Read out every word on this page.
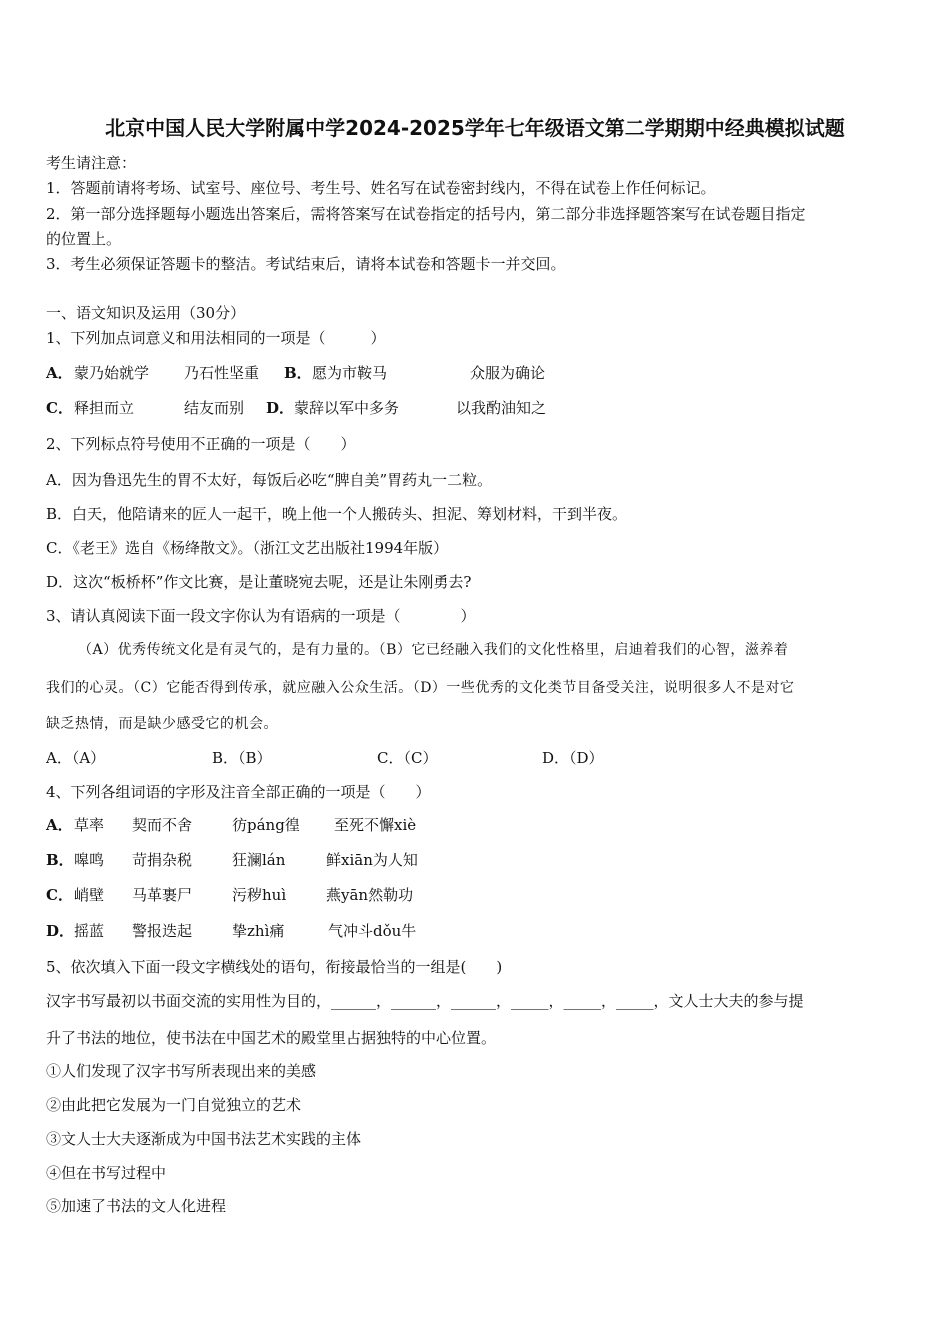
北京中国人民大学附属中学2024-2025学年七年级语文第二学期期中经典模拟试题
考生请注意：
1．答题前请将考场、试室号、座位号、考生号、姓名写在试卷密封线内，不得在试卷上作任何标记。
2．第一部分选择题每小题选出答案后，需将答案写在试卷指定的括号内，第二部分非选择题答案写在试卷题目指定
的位置上。
3．考生必须保证答题卡的整洁。考试结束后，请将本试卷和答题卡一并交回。
一、语文知识及运用（30分）
1、下列加点词意义和用法相同的一项是（　　　）
A． 蒙乃始就学 乃石性坚重 B． 愿为市鞍马	众服为确论
C． 释担而立	结友而别 D． 蒙辞以军中多务	以我酌油知之
2、下列标点符号使用不正确的一项是（　　）
A．因为鲁迅先生的胃不太好，每饭后必吃“脾自美”胃药丸一二粒。
B．白天，他陪请来的匠人一起干，晚上他一个人搬砖头、担泥、筹划材料，干到半夜。
C．《老王》选自《杨绛散文》。（浙江文艺出版社1994年版）
D．这次“板桥杯”作文比赛，是让董晓宛去呢，还是让朱刚勇去?
3、请认真阅读下面一段文字你认为有语病的一项是（　　　　）
（A）优秀传统文化是有灵气的，是有力量的。（B）它已经融入我们的文化性格里，启迪着我们的心智，滋养着
我们的心灵。（C）它能否得到传承，就应融入公众生活。（D）一些优秀的文化类节目备受关注，说明很多人不是对它
缺乏热情，而是缺少感受它的机会。
A．（A）	B．（B）	C．（C）	D．（D）
4、下列各组词语的字形及注音全部正确的一项是（　　）
A． 草率 契而不舍	彷páng徨 至死不懈xiè
B． 嗥鸣 苛捐杂税	狂澜lán	鲜xiān为人知
C． 峭壁 马革裹尸	污秽huì	燕yān然勒功
D． 摇蓝 警报迭起	挚zhì痛	气冲斗dǒu牛
5、依次填入下面一段文字横线处的语句，衔接最恰当的一组是(　　)
汉字书写最初以书面交流的实用性为目的，______，______，______，_____，_____，_____，文人士大夫的参与提
升了书法的地位，使书法在中国艺术的殿堂里占据独特的中心位置。
①人们发现了汉字书写所表现出来的美感
②由此把它发展为一门自觉独立的艺术
③文人士大夫逐渐成为中国书法艺术实践的主体
④但在书写过程中
⑤加速了书法的文人化进程
